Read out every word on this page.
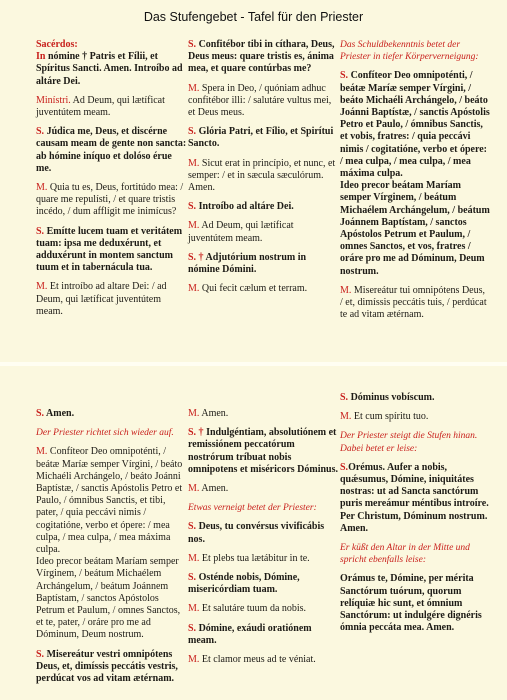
Das Stufengebet - Tafel für den Priester

Sacérdos:

In nómine † Patris et Fílii, et Spíritus Sancti. Amen. Introíbo ad altáre Dei.

Minístri. Ad Deum, qui lætíficat juventútem meam.

S. Júdica me, Deus, et discérne causam meam de gente non sancta: ab hómine iníquo et dolóso érue me.

M. Quia tu es, Deus, fortitúdo mea: / quare me repulísti, / et quare tristis incédo, / dum afflígit me inimícus?

S. Emítte lucem tuam et veritátem tuam: ipsa me deduxérunt, et adduxérunt in montem sanctum tuum et in tabernácula tua.

M. Et introíbo ad altare Dei: / ad Deum, qui lætíficat juventútem meam.

S. Confitébor tibi in cíthara, Deus, Deus meus: quare tristis es, ánima mea, et quare contúrbas me?

M. Spera in Deo, / quóniam adhuc confitébor illi: / salutáre vultus mei, et Deus meus.

S. Glória Patri, et Fílio, et Spirítui Sancto.

M. Sicut erat in princípio, et nunc, et semper: / et in sæcula sæculórum. Amen.

S. Introíbo ad altáre Dei.

M. Ad Deum, qui lætíficat juventútem meam.

S. † Adjutórium nostrum in nómine Dómini.

M. Qui fecit cælum et terram.

Das Schuldbekenntnis betet der Priester in tiefer Körperverneigung:

S. Confíteor Deo omnipoténti, / beátæ Maríæ semper Vírgini, / beáto Michaéli Archángelo, / beáto Joánni Baptístæ, / sanctis Apóstolis Petro et Paulo, / ómnibus Sanctis, et vobis, fratres: / quia peccávi nimis / cogitatióne, verbo et ópere: / mea culpa, / mea culpa, / mea máxima culpa.

Ideo precor beátam Maríam semper Vírginem, / beátum Michaélem Archángelum, / beátum Joánnem Baptístam, / sanctos Apóstolos Petrum et Paulum, / omnes Sanctos, et vos, fratres / oráre pro me ad Dóminum, Deum nostrum.

M. Misereátur tui omnipótens Deus, / et, dimíssis peccátis tuis, / perdúcat te ad vitam ætérnam.

S. Amen.

Der Priester richtet sich wieder auf.

M. Confíteor Deo omnipoténti, / beátæ Maríæ semper Vírgini, / beáto Michaéli Archángelo, / beáto Joánni Baptístæ, / sanctis Apóstolis Petro et Paulo, / ómnibus Sanctis, et tibi, pater, / quia peccávi nimis / cogitatióne, verbo et ópere: / mea culpa, / mea culpa, / mea máxima culpa.

Ideo precor beátam Maríam semper Vírginem, / beátum Michaélem Archángelum, / beátum Joánnem Baptístam, / sanctos Apóstolos Petrum et Paulum, / omnes Sanctos, et te, pater, / oráre pro me ad Dóminum, Deum nostrum.

S. Misereátur vestri omnipótens Deus, et, dimíssis peccátis vestris, perdúcat vos ad vitam ætérnam.

M. Amen.

S. † Indulgéntiam, absolutiónem et remissiónem peccatórum nostrórum tríbuat nobis omnipotens et miséricors Dóminus.

M. Amen.

Etwas verneigt betet der Priester:

S. Deus, tu convérsus vivificábis nos.

M. Et plebs tua lætábitur in te.

S. Osténde nobis, Dómine, misericórdiam tuam.

M. Et salutáre tuum da nobis.

S. Dómine, exáudi oratiónem meam.

M. Et clamor meus ad te véniat.

S. Dóminus vobíscum.

M. Et cum spíritu tuo.

Der Priester steigt die Stufen hinan. Dabei betet er leise:

S.Orémus. Aufer a nobis, quǽsumus, Dómine, iniquitátes nostras: ut ad Sancta sanctórum puris mereámur méntibus introíre. Per Christum, Dóminum nostrum. Amen.

Er küßt den Altar in der Mitte und spricht ebenfalls leise:

Orámus te, Dómine, per mérita Sanctórum tuórum, quorum relíquiæ hic sunt, et ómnium Sanctórum: ut indulgére dignéris ómnia peccáta mea. Amen.
